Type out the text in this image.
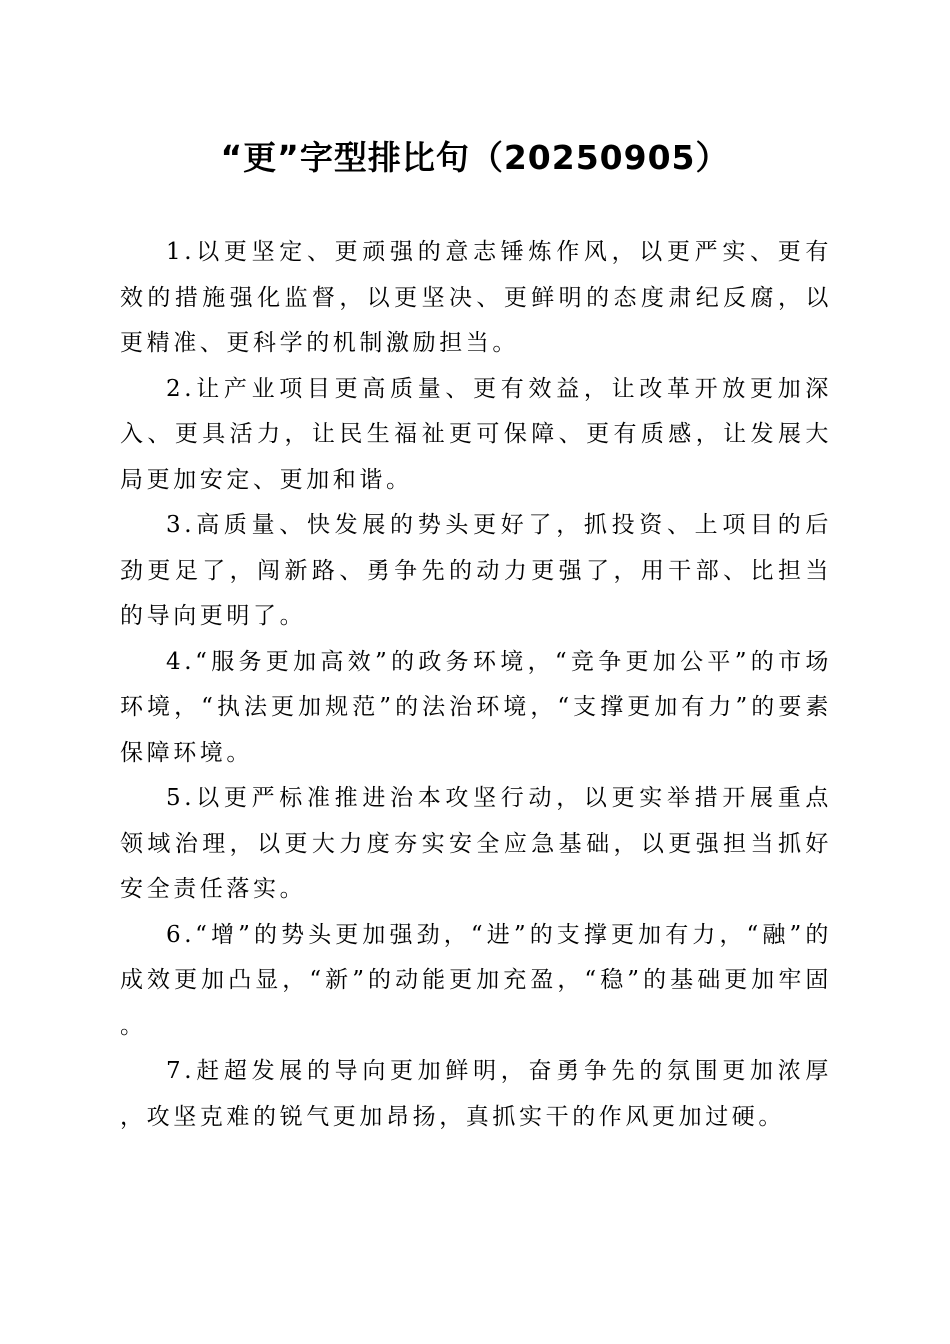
“更”字型排比句（20250905）

1.以更坚定、更顽强的意志锤炼作风，以更严实、更有效的措施强化监督，以更坚决、更鲜明的态度肃纪反腐，以更精准、更科学的机制激励担当。

2.让产业项目更高质量、更有效益，让改革开放更加深入、更具活力，让民生福祉更可保障、更有质感，让发展大局更加安定、更加和谐。

3.高质量、快发展的势头更好了，抓投资、上项目的后劲更足了，闯新路、勇争先的动力更强了，用干部、比担当的导向更明了。

4.“服务更加高效”的政务环境，“竞争更加公平”的市场环境，“执法更加规范”的法治环境，“支撑更加有力”的要素保障环境。

5.以更严标准推进治本攻坚行动，以更实举措开展重点领域治理，以更大力度夯实安全应急基础，以更强担当抓好安全责任落实。

6.“增”的势头更加强劲，“进”的支撑更加有力，“融”的成效更加凸显，“新”的动能更加充盈，“稳”的基础更加牢固。

7.赶超发展的导向更加鲜明，奋勇争先的氛围更加浓厚，攻坚克难的锐气更加昂扬，真抓实干的作风更加过硬。
